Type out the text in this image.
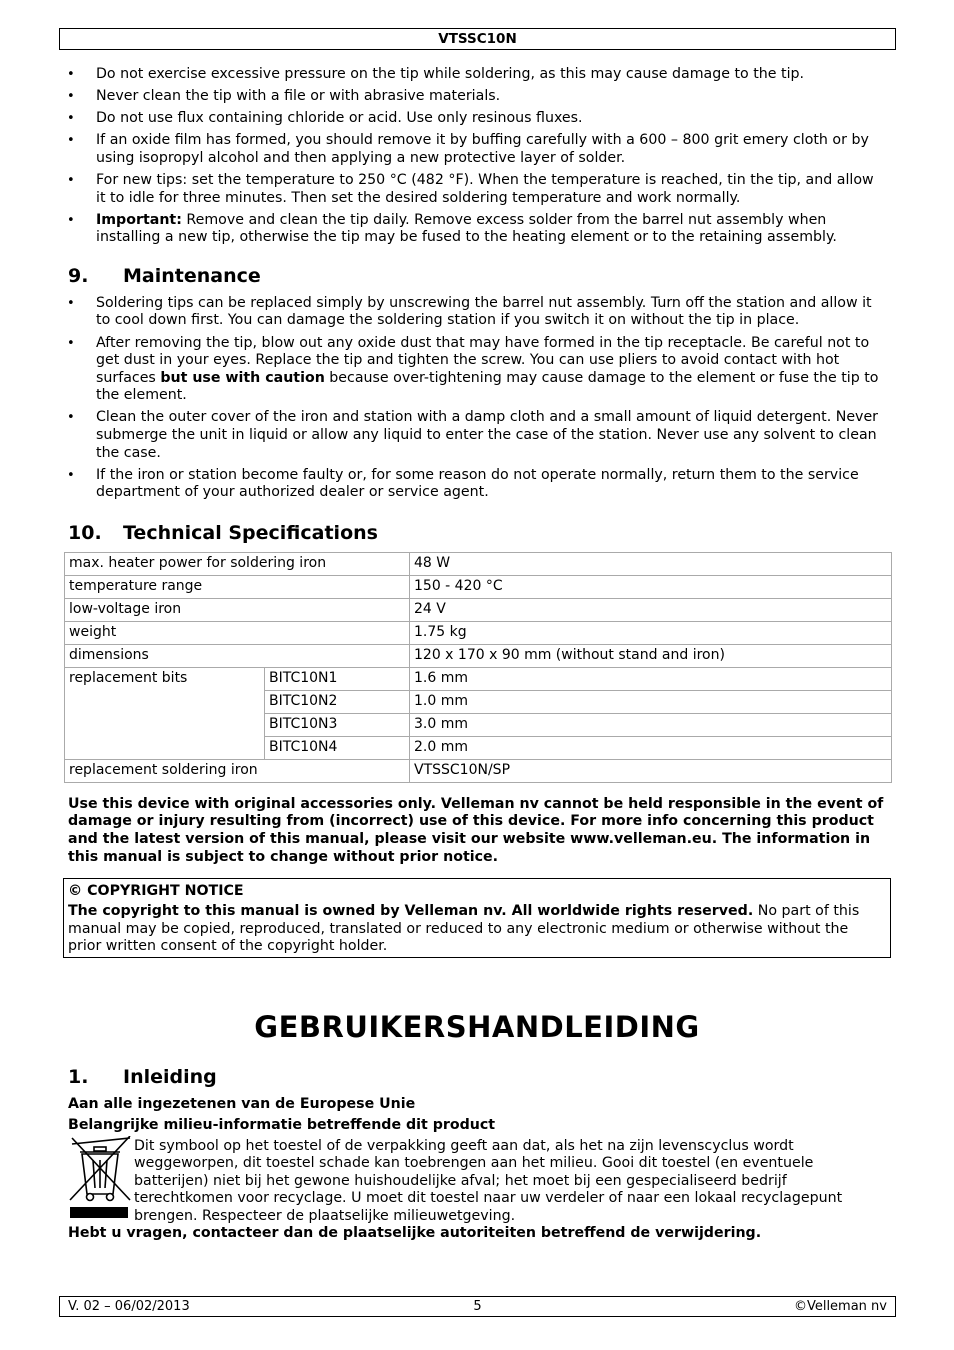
VTSSC10N
• Do not exercise excessive pressure on the tip while soldering, as this may cause damage to the tip.
• Never clean the tip with a file or with abrasive materials.
• Do not use flux containing chloride or acid. Use only resinous fluxes.
• If an oxide film has formed, you should remove it by buffing carefully with a 600 – 800 grit emery cloth or by using isopropyl alcohol and then applying a new protective layer of solder.
• For new tips: set the temperature to 250 °C (482 °F). When the temperature is reached, tin the tip, and allow it to idle for three minutes. Then set the desired soldering temperature and work normally.
• Important: Remove and clean the tip daily. Remove excess solder from the barrel nut assembly when installing a new tip, otherwise the tip may be fused to the heating element or to the retaining assembly.
9. Maintenance
• Soldering tips can be replaced simply by unscrewing the barrel nut assembly. Turn off the station and allow it to cool down first. You can damage the soldering station if you switch it on without the tip in place.
• After removing the tip, blow out any oxide dust that may have formed in the tip receptacle. Be careful not to get dust in your eyes. Replace the tip and tighten the screw. You can use pliers to avoid contact with hot surfaces but use with caution because over-tightening may cause damage to the element or fuse the tip to the element.
• Clean the outer cover of the iron and station with a damp cloth and a small amount of liquid detergent. Never submerge the unit in liquid or allow any liquid to enter the case of the station. Never use any solvent to clean the case.
• If the iron or station become faulty or, for some reason do not operate normally, return them to the service department of your authorized dealer or service agent.
10. Technical Specifications
max. heater power for soldering iron		48 W
temperature range		150 - 420 °C
low-voltage iron		24 V
weight		1.75 kg
dimensions		120 x 170 x 90 mm (without stand and iron)
replacement bits	BITC10N1	1.6 mm
	BITC10N2	1.0 mm
	BITC10N3	3.0 mm
	BITC10N4	2.0 mm
replacement soldering iron		VTSSC10N/SP
Use this device with original accessories only. Velleman nv cannot be held responsible in the event of damage or injury resulting from (incorrect) use of this device. For more info concerning this product and the latest version of this manual, please visit our website www.velleman.eu. The information in this manual is subject to change without prior notice.
© COPYRIGHT NOTICE
The copyright to this manual is owned by Velleman nv. All worldwide rights reserved. No part of this manual may be copied, reproduced, translated or reduced to any electronic medium or otherwise without the prior written consent of the copyright holder.
GEBRUIKERSHANDLEIDING
1. Inleiding
Aan alle ingezetenen van de Europese Unie
Belangrijke milieu-informatie betreffende dit product
Dit symbool op het toestel of de verpakking geeft aan dat, als het na zijn levenscyclus wordt weggeworpen, dit toestel schade kan toebrengen aan het milieu. Gooi dit toestel (en eventuele batterijen) niet bij het gewone huishoudelijke afval; het moet bij een gespecialiseerd bedrijf terechtkomen voor recyclage. U moet dit toestel naar uw verdeler of naar een lokaal recyclagepunt brengen. Respecteer de plaatselijke milieuwetgeving.
Hebt u vragen, contacteer dan de plaatselijke autoriteiten betreffend de verwijdering.
5
V. 02 – 06/02/2013	©Velleman nv
